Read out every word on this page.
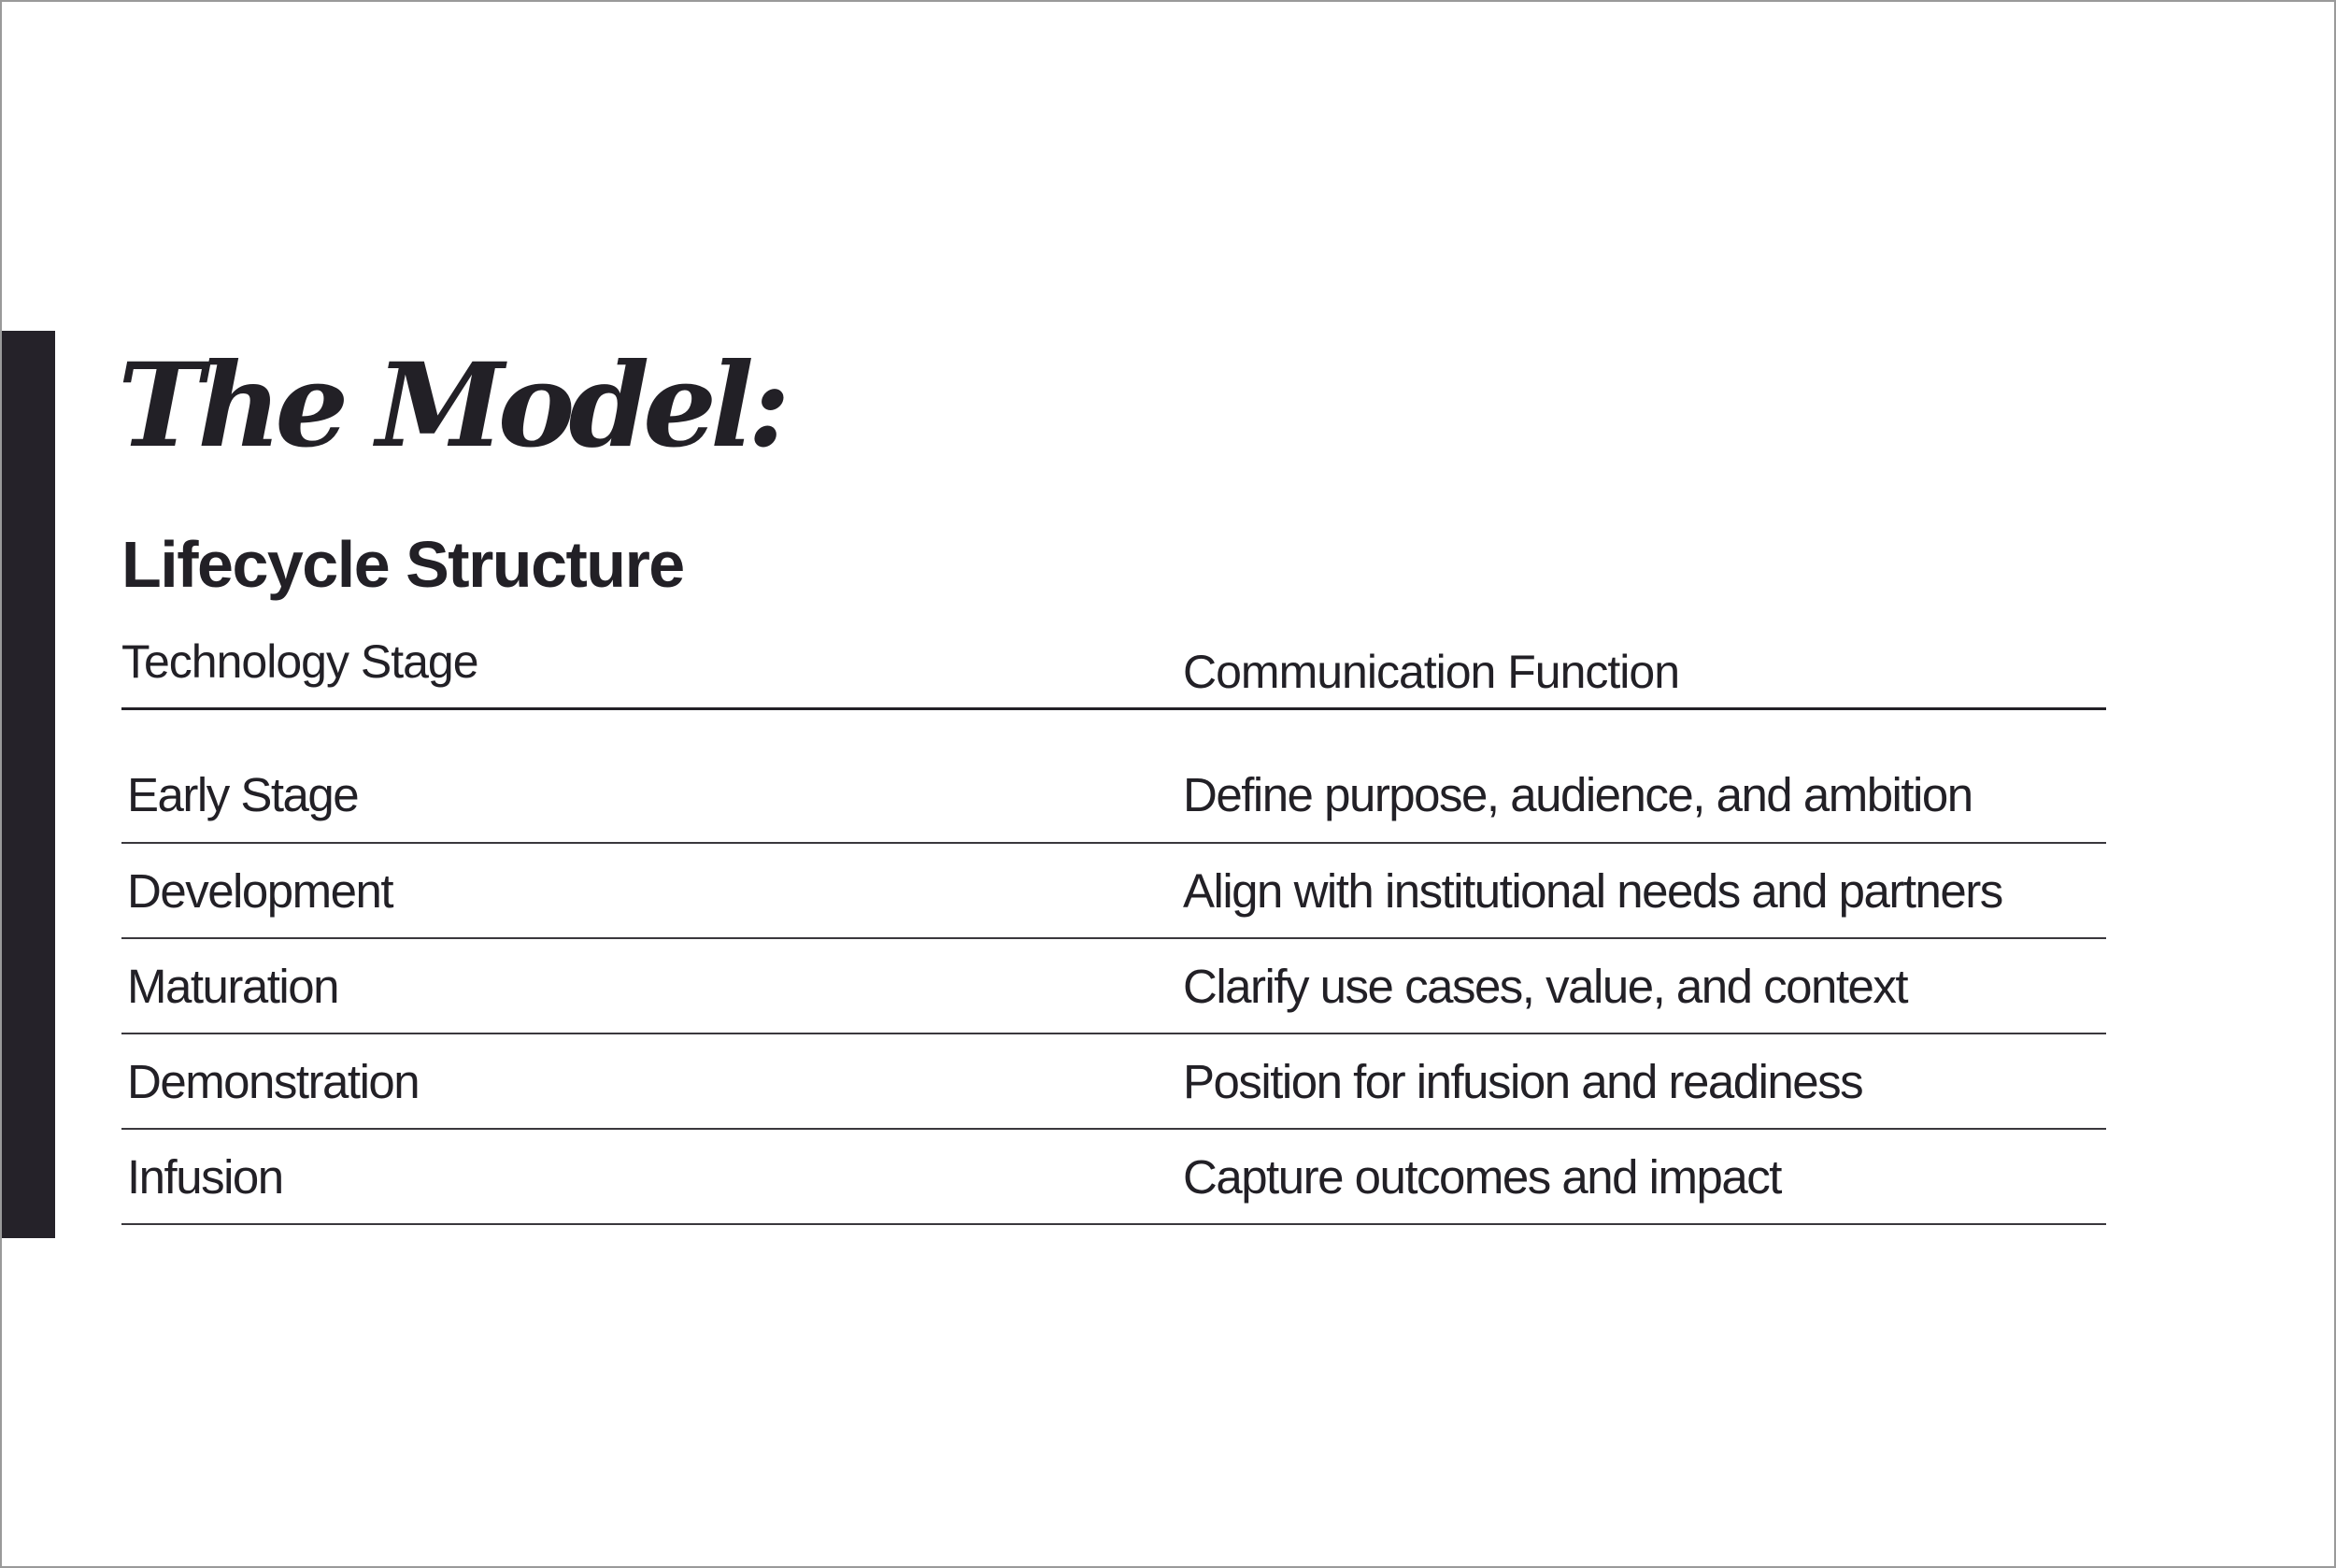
The Model:
Lifecycle Structure
Technology Stage	Communication Function
Early Stage	Define purpose, audience, and ambition
Development	Align with institutional needs and partners
Maturation	Clarify use cases, value, and context
Demonstration	Position for infusion and readiness
Infusion	Capture outcomes and impact
